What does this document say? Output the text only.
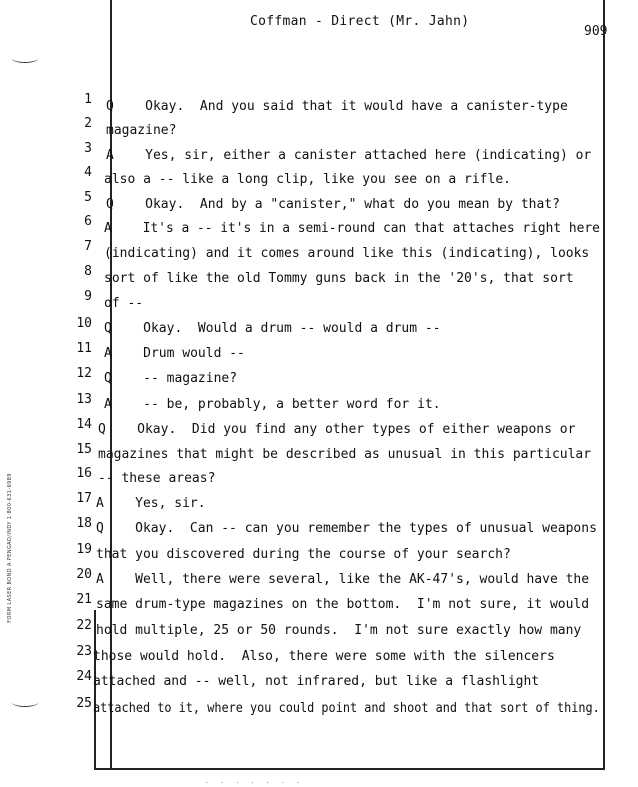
Coffman - Direct (Mr. Jahn)
909
FORM LASER BOND A PENGAD/INDY 1-800-631-6989
1 Q    Okay.  And you said that it would have a canister-type
2 magazine?
3 A    Yes, sir, either a canister attached here (indicating) or
4 also a -- like a long clip, like you see on a rifle.
5 Q    Okay.  And by a "canister," what do you mean by that?
6 A    It's a -- it's in a semi-round can that attaches right here
7 (indicating) and it comes around like this (indicating), looks
8 sort of like the old Tommy guns back in the '20's, that sort
9 of --
10 Q    Okay.  Would a drum -- would a drum --
11 A    Drum would --
12 Q    -- magazine?
13 A    -- be, probably, a better word for it.
14 Q    Okay.  Did you find any other types of either weapons or
15 magazines that might be described as unusual in this particular
16 -- these areas?
17 A    Yes, sir.
18 Q    Okay.  Can -- can you remember the types of unusual weapons
19 that you discovered during the course of your search?
20 A    Well, there were several, like the AK-47's, would have the
21 same drum-type magazines on the bottom.  I'm not sure, it would
22 hold multiple, 25 or 50 rounds.  I'm not sure exactly how many
23 those would hold.  Also, there were some with the silencers
24 attached and -- well, not infrared, but like a flashlight
25 attached to it, where you could point and shoot and that sort of thing.
. . . . . . .
